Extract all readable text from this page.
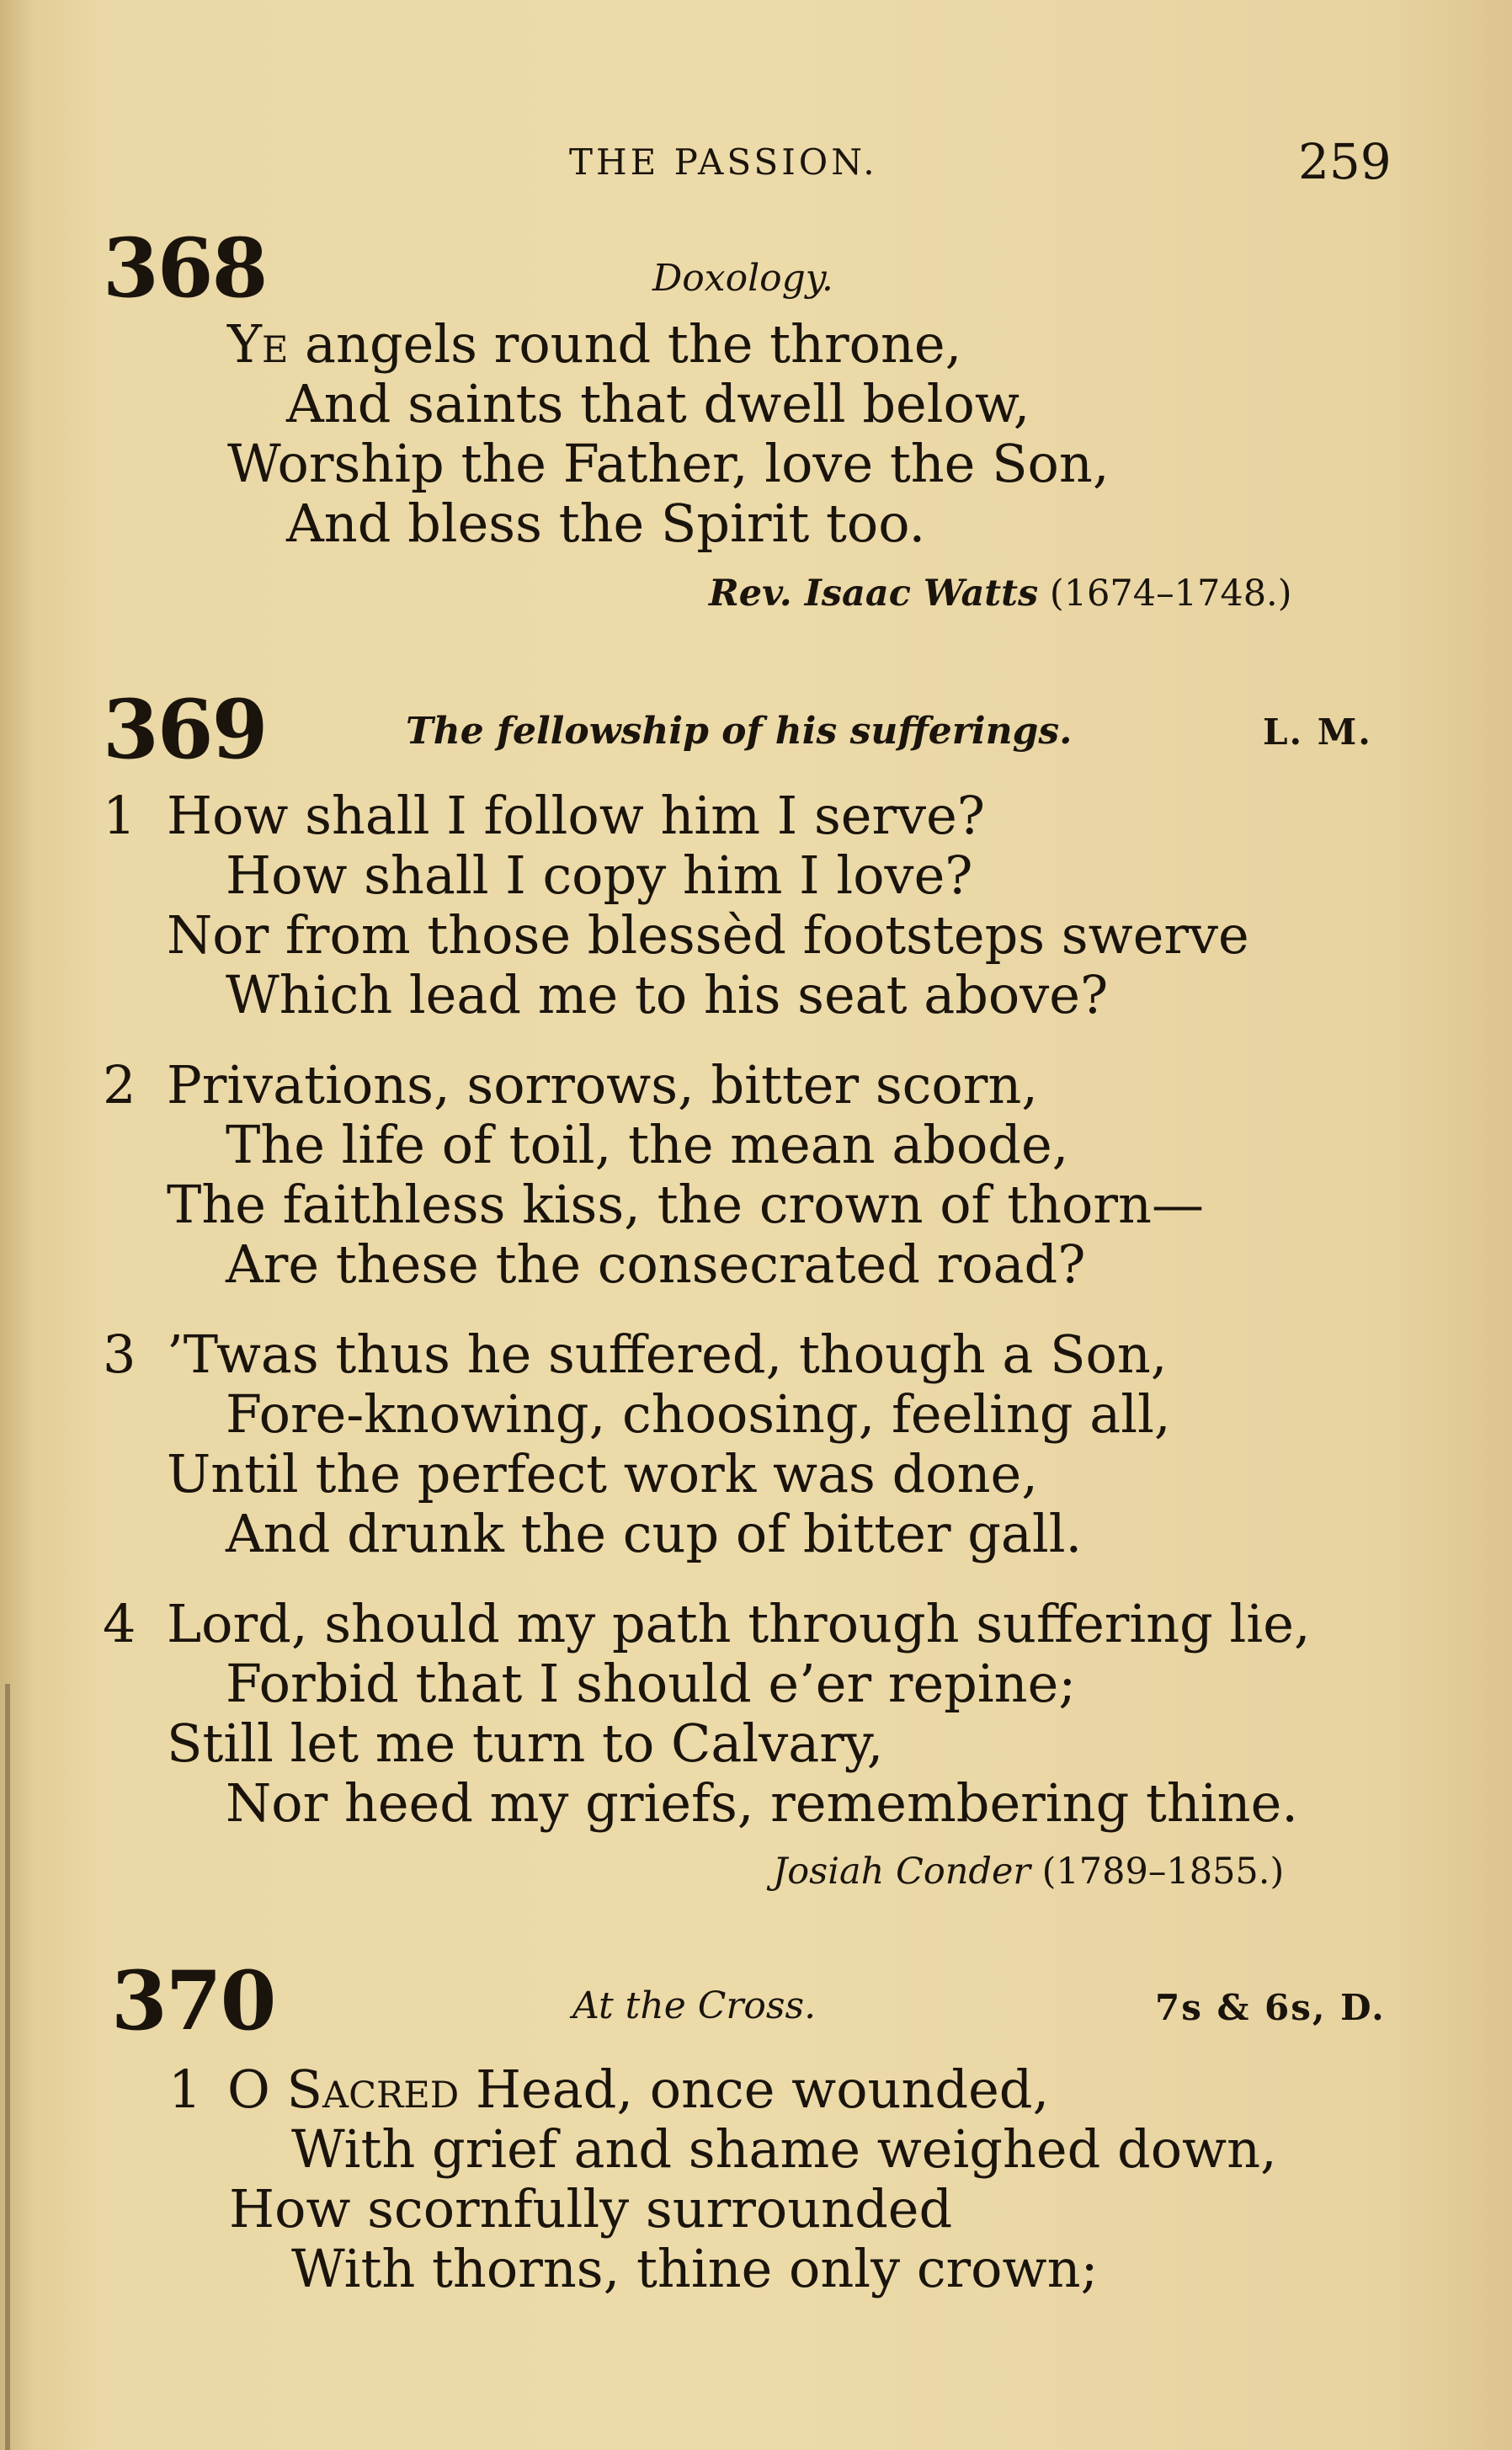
THE PASSION.	259
368	Doxology.
Ye angels round the throne,
And saints that dwell below,
Worship the Father, love the Son,
And bless the Spirit too.
Rev. Isaac Watts (1674–1748.)
369	The fellowship of his sufferings.	L. M.
1 How shall I follow him I serve?
How shall I copy him I love?
Nor from those blessèd footsteps swerve
Which lead me to his seat above?
2 Privations, sorrows, bitter scorn,
The life of toil, the mean abode,
The faithless kiss, the crown of thorn—
Are these the consecrated road?
3 ’Twas thus he suffered, though a Son,
Fore-knowing, choosing, feeling all,
Until the perfect work was done,
And drunk the cup of bitter gall.
4 Lord, should my path through suffering lie,
Forbid that I should e’er repine;
Still let me turn to Calvary,
Nor heed my griefs, remembering thine.
Josiah Conder (1789–1855.)
370	At the Cross.	7s & 6s, D.
1 O Sacred Head, once wounded,
With grief and shame weighed down,
How scornfully surrounded
With thorns, thine only crown;
